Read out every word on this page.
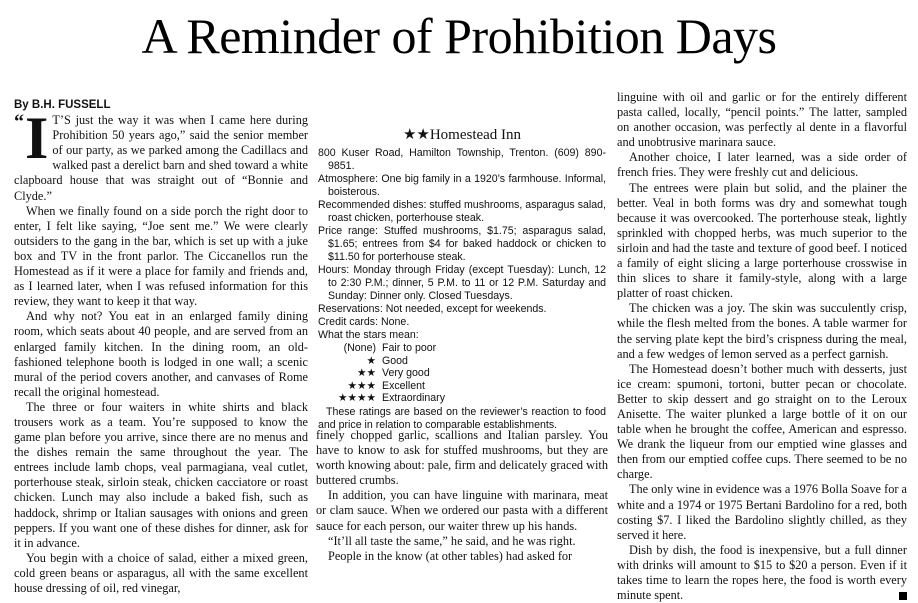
A Reminder of Prohibition Days

By B.H. FUSSELL

“ I T’S just the way it was when I came here during Prohibition 50 years ago,” said the senior member of our party, as we parked among the Cadillacs and walked past a derelict barn and shed toward a white clapboard house that was straight out of “Bonnie and Clyde.”

When we finally found on a side porch the right door to enter, I felt like saying, “Joe sent me.” We were clearly outsiders to the gang in the bar, which is set up with a juke box and TV in the front parlor. The Ciccanellos run the Homestead as if it were a place for family and friends and, as I learned later, when I was refused information for this review, they want to keep it that way.

And why not? You eat in an enlarged family dining room, which seats about 40 people, and are served from an enlarged family kitchen. In the dining room, an old-fashioned telephone booth is lodged in one wall; a scenic mural of the period covers another, and canvases of Rome recall the original homestead.

The three or four waiters in white shirts and black trousers work as a team. You’re supposed to know the game plan before you arrive, since there are no menus and the dishes remain the same throughout the year. The entrees include lamb chops, veal parmagiana, veal cutlet, porterhouse steak, sirloin steak, chicken cacciatore or roast chicken. Lunch may also include a baked fish, such as haddock, shrimp or Italian sausages with onions and green peppers. If you want one of these dishes for dinner, ask for it in advance.

You begin with a choice of salad, either a mixed green, cold green beans or asparagus, all with the same excellent house dressing of oil, red vinegar,

★★Homestead Inn
800 Kuser Road, Hamilton Township, Trenton. (609) 890-9851.
Atmosphere: One big family in a 1920’s farmhouse. Informal, boisterous.
Recommended dishes: stuffed mushrooms, asparagus salad, roast chicken, porterhouse steak.
Price range: Stuffed mushrooms, $1.75; asparagus salad, $1.65; entrees from $4 for baked haddock or chicken to $11.50 for porterhouse steak.
Hours: Monday through Friday (except Tuesday): Lunch, 12 to 2:30 P.M.; dinner, 5 P.M. to 11 or 12 P.M. Saturday and Sunday: Dinner only. Closed Tuesdays.
Reservations: Not needed, except for weekends.
Credit cards: None.
What the stars mean:
(None)	Fair to poor
★	Good
★★	Very good
★★★	Excellent
★★★★	Extraordinary
These ratings are based on the reviewer’s reaction to food and price in relation to comparable establishments.

finely chopped garlic, scallions and Italian parsley. You have to know to ask for stuffed mushrooms, but they are worth knowing about: pale, firm and delicately graced with buttered crumbs.

In addition, you can have linguine with marinara, meat or clam sauce. When we ordered our pasta with a different sauce for each person, our waiter threw up his hands.

“It’ll all taste the same,” he said, and he was right.

People in the know (at other tables) had asked for

linguine with oil and garlic or for the entirely different pasta called, locally, “pencil points.” The latter, sampled on another occasion, was perfectly al dente in a flavorful and unobtrusive marinara sauce.

Another choice, I later learned, was a side order of french fries. They were freshly cut and delicious.

The entrees were plain but solid, and the plainer the better. Veal in both forms was dry and somewhat tough because it was overcooked. The porterhouse steak, lightly sprinkled with chopped herbs, was much superior to the sirloin and had the taste and texture of good beef. I noticed a family of eight slicing a large porterhouse crosswise in thin slices to share it family-style, along with a large platter of roast chicken.

The chicken was a joy. The skin was succulently crisp, while the flesh melted from the bones. A table warmer for the serving plate kept the bird’s crispness during the meal, and a few wedges of lemon served as a perfect garnish.

The Homestead doesn’t bother much with desserts, just ice cream: spumoni, tortoni, butter pecan or chocolate. Better to skip dessert and go straight on to the Leroux Anisette. The waiter plunked a large bottle of it on our table when he brought the coffee, American and espresso. We drank the liqueur from our emptied wine glasses and then from our emptied coffee cups. There seemed to be no charge.

The only wine in evidence was a 1976 Bolla Soave for a white and a 1974 or 1975 Bertani Bardolino for a red, both costing $7. I liked the Bardolino slightly chilled, as they served it here.

Dish by dish, the food is inexpensive, but a full dinner with drinks will amount to $15 to $20 a person. Even if it takes time to learn the ropes here, the food is worth every minute spent.
